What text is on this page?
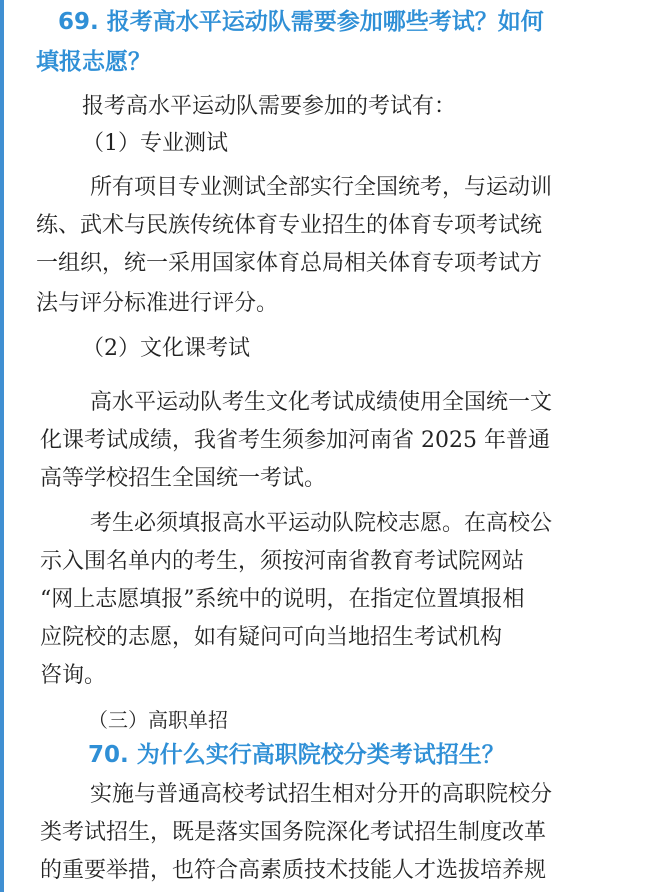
69. 报考高水平运动队需要参加哪些考试？如何
填报志愿？
报考高水平运动队需要参加的考试有：
（1）专业测试
所有项目专业测试全部实行全国统考，与运动训
练、武术与民族传统体育专业招生的体育专项考试统
一组织，统一采用国家体育总局相关体育专项考试方
法与评分标准进行评分。
（2）文化课考试
高水平运动队考生文化考试成绩使用全国统一文
化课考试成绩，我省考生须参加河南省 2025 年普通
高等学校招生全国统一考试。
考生必须填报高水平运动队院校志愿。在高校公
示入围名单内的考生，须按河南省教育考试院网站
“网上志愿填报”系统中的说明，在指定位置填报相
应院校的志愿，如有疑问可向当地招生考试机构
咨询。
（三）高职单招
70. 为什么实行高职院校分类考试招生？
实施与普通高校考试招生相对分开的高职院校分
类考试招生，既是落实国务院深化考试招生制度改革
的重要举措，也符合高素质技术技能人才选拔培养规
